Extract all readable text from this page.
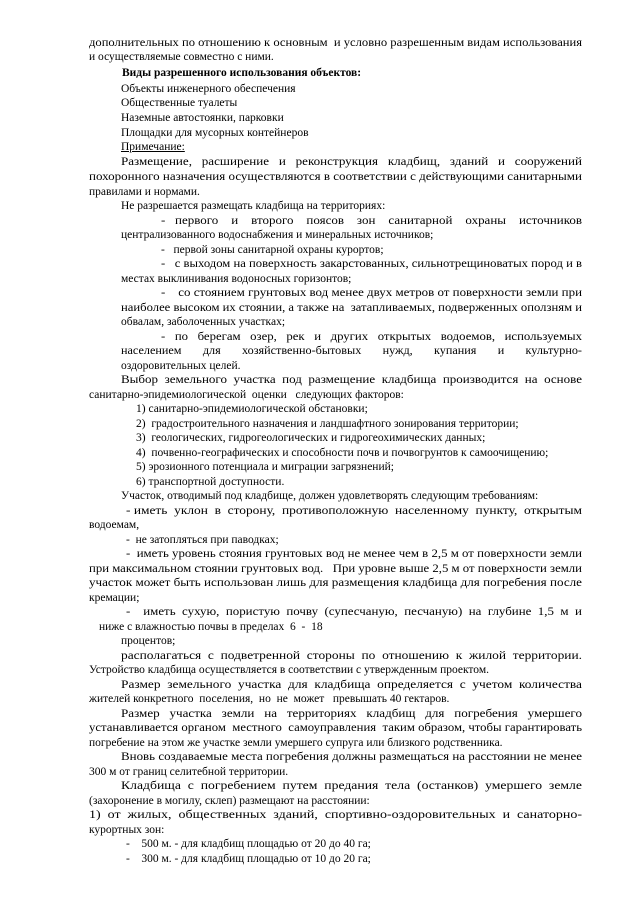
дополнительных по отношению к основным  и условно разрешенным видам использования
и осуществляемые совместно с ними.
Виды разрешенного использования объектов:
Объекты инженерного обеспечения
Общественные туалеты
Наземные автостоянки, парковки
Площадки для мусорных контейнеров
Примечание:
Размещение,   расширение   и   реконструкция   кладбищ,   зданий   и   сооружений
похоронного назначения осуществляются в соответствии с действующими санитарными
правилами и нормами.
Не разрешается размещать кладбища на территориях:
-   первого    и    второго    поясов    зон    санитарной    охраны    источников
централизованного водоснабжения и минеральных источников;
-   первой зоны санитарной охраны курортов;
-   с выходом на поверхность закарстованных, сильнотрещиноватых пород и в
местах выклинивания водоносных горизонтов;
-    со стоянием грунтовых вод менее двух метров от поверхности земли при
наиболее высоком их стоянии, а также на  затапливаемых, подверженных оползням и
обвалам, заболоченных участках;
-   по   берегам   озер,   рек   и   других   открытых   водоемов,   используемых
населением       для       хозяйственно-бытовых       нужд,       купания       и       культурно-
оздоровительных целей.
Выбор  земельного  участка  под  размещение  кладбища  производится  на  основе
санитарно-эпидемиологической  оценки   следующих факторов:
1) санитарно-эпидемиологической обстановки;
2)  градостроительного назначения и ландшафтного зонирования территории;
3)  геологических, гидрогеологических и гидрогеохимических данных;
4)  почвенно-географических и способности почв и почвогрунтов к самоочищению;
5) эрозионного потенциала и миграции загрязнений;
6) транспортной доступности.
Участок, отводимый под кладбище, должен удовлетворять следующим требованиям:
- иметь  уклон  в  сторону,  противоположную  населенному  пункту,  открытым
водоемам,
-  не затопляться при паводках;
-  иметь уровень стояния грунтовых вод не менее чем в 2,5 м от поверхности земли
при максимальном стоянии грунтовых вод.   При уровне выше 2,5 м от поверхности земли
участок может быть использован лишь для размещения кладбища для погребения после
кремации;
-    иметь  сухую,  пористую  почву  (супесчаную,  песчаную)  на  глубине  1,5  м  и
ниже с влажностью почвы в пределах  6  -  18
процентов;
располагаться  с  подветренной  стороны  по  отношению  к  жилой  территории.
Устройство кладбища осуществляется в соответствии с утвержденным проектом.
Размер  земельного  участка  для  кладбища  определяется  с  учетом  количества
жителей конкретного  поселения,  но  не  может   превышать 40 гектаров.
Размер   участка   земли   на   территориях   кладбищ   для   погребения   умершего
устанавливается органом  местного  самоуправления  таким образом, чтобы гарантировать
погребение на этом же участке земли умершего супруга или близкого родственника.
Вновь создаваемые места погребения должны размещаться на расстоянии не менее
300 м от границ селитебной территории.
Кладбища  с  погребением  путем  предания  тела  (останков)  умершего  земле
(захоронение в могилу, склеп) размещают на расстоянии:
1)  от  жилых,  общественных  зданий,  спортивно-оздоровительных  и  санаторно-
курортных зон:
-    500 м. - для кладбищ площадью от 20 до 40 га;
-    300 м. - для кладбищ площадью от 10 до 20 га;
